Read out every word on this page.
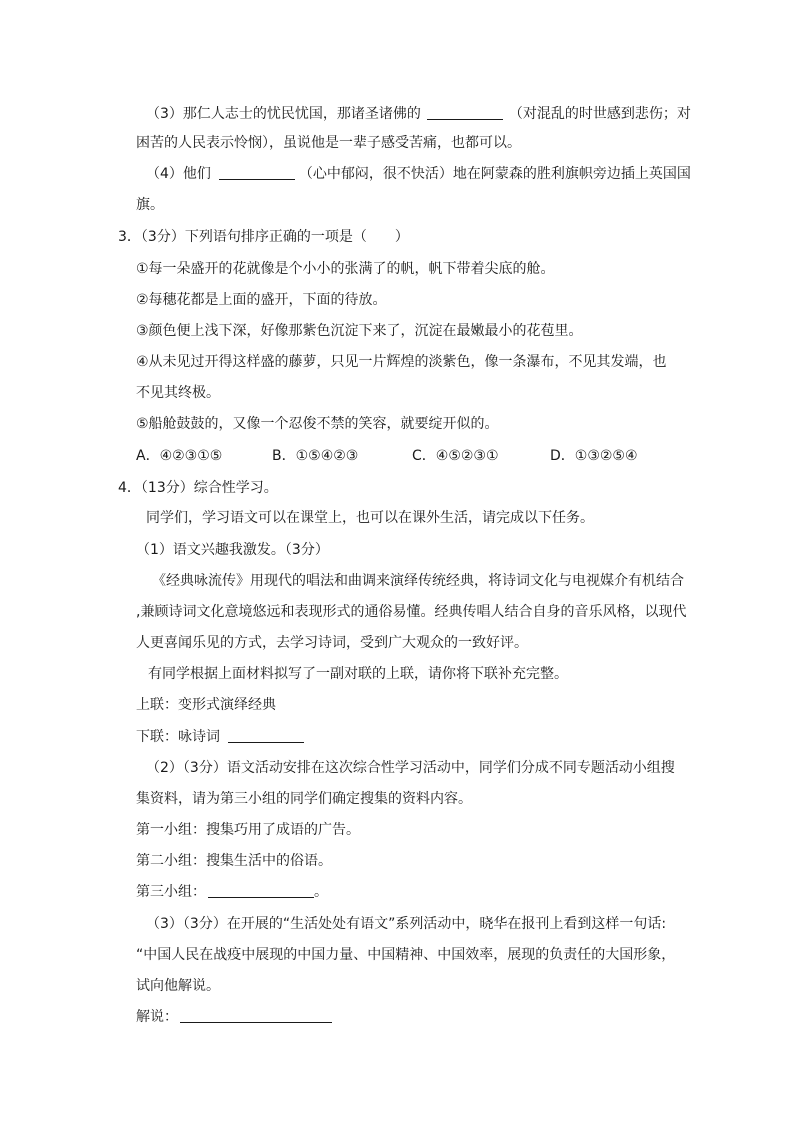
（3）那仁人志士的忧民忧国，那诸圣诸佛的	（对混乱的时世感到悲伤；对
困苦的人民表示怜悯），虽说他是一辈子感受苦痛，也都可以。
（4）他们	（心中郁闷，很不快活）地在阿蒙森的胜利旗帜旁边插上英国国
旗。
3．（3分）下列语句排序正确的一项是（　　）
①每一朵盛开的花就像是个小小的张满了的帆，帆下带着尖底的舱。
②每穗花都是上面的盛开，下面的待放。
③颜色便上浅下深，好像那紫色沉淀下来了，沉淀在最嫩最小的花苞里。
④从未见过开得这样盛的藤萝，只见一片辉煌的淡紫色，像一条瀑布，不见其发端，也
不见其终极。
⑤船舱鼓鼓的，又像一个忍俊不禁的笑容，就要绽开似的。
A．④②③①⑤	B．①⑤④②③	C．④⑤②③①	D．①③②⑤④
4．（13分）综合性学习。
同学们，学习语文可以在课堂上，也可以在课外生活，请完成以下任务。
（1）语文兴趣我激发。（3分）
《经典咏流传》用现代的唱法和曲调来演绎传统经典，将诗词文化与电视媒介有机结合
,兼顾诗词文化意境悠远和表现形式的通俗易懂。经典传唱人结合自身的音乐风格，以现代
人更喜闻乐见的方式，去学习诗词，受到广大观众的一致好评。
有同学根据上面材料拟写了一副对联的上联，请你将下联补充完整。
上联：变形式演绎经典
下联：咏诗词
（2）（3分）语文活动安排在这次综合性学习活动中，同学们分成不同专题活动小组搜
集资料，请为第三小组的同学们确定搜集的资料内容。
第一小组：搜集巧用了成语的广告。
第二小组：搜集生活中的俗语。
第三小组：	。
（3）（3分）在开展的“生活处处有语文”系列活动中，晓华在报刊上看到这样一句话:
“中国人民在战疫中展现的中国力量、中国精神、中国效率，展现的负责任的大国形象，
试向他解说。
解说：
